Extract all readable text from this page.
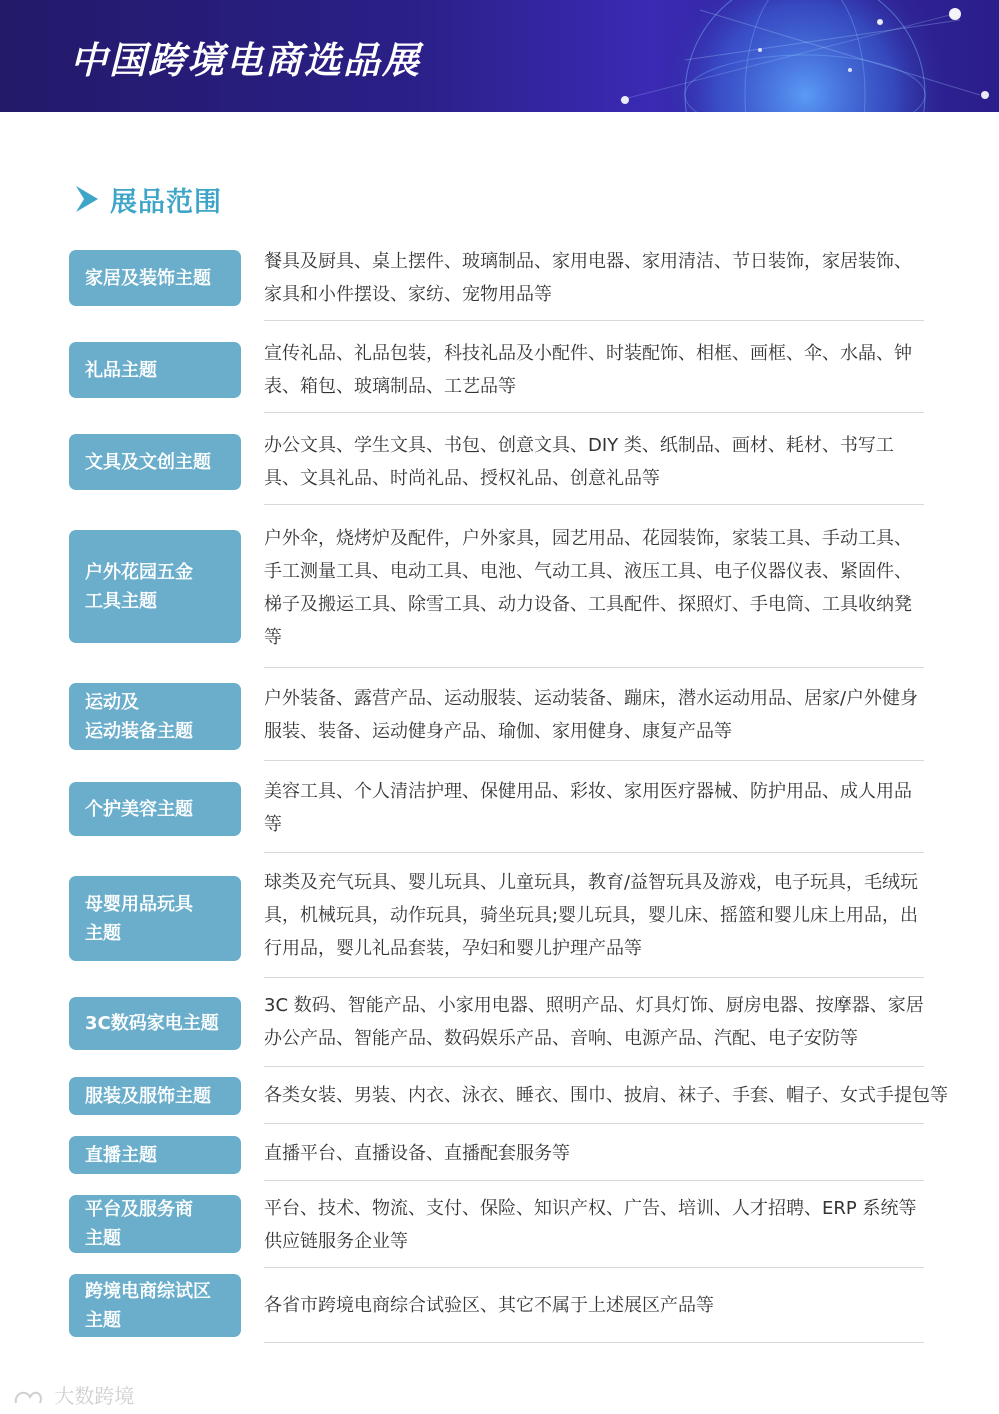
中国跨境电商选品展
展品范围
家居及装饰主题
餐具及厨具、桌上摆件、玻璃制品、家用电器、家用清洁、节日装饰，家居装饰、家具和小件摆设、家纺、宠物用品等
礼品主题
宣传礼品、礼品包装，科技礼品及小配件、时装配饰、相框、画框、伞、水晶、钟表、箱包、玻璃制品、工艺品等
文具及文创主题
办公文具、学生文具、书包、创意文具、DIY 类、纸制品、画材、耗材、书写工具、文具礼品、时尚礼品、授权礼品、创意礼品等
户外花园五金
工具主题
户外伞，烧烤炉及配件，户外家具，园艺用品、花园装饰，家装工具、手动工具、手工测量工具、电动工具、电池、气动工具、液压工具、电子仪器仪表、紧固件、梯子及搬运工具、除雪工具、动力设备、工具配件、探照灯、手电筒、工具收纳凳等
运动及
运动装备主题
户外装备、露营产品、运动服装、运动装备、蹦床，潜水运动用品、居家/户外健身服装、装备、运动健身产品、瑜伽、家用健身、康复产品等
个护美容主题
美容工具、个人清洁护理、保健用品、彩妆、家用医疗器械、防护用品、成人用品等
母婴用品玩具
主题
球类及充气玩具、婴儿玩具、儿童玩具，教育/益智玩具及游戏，电子玩具，毛绒玩具，机械玩具，动作玩具，骑坐玩具;婴儿玩具，婴儿床、摇篮和婴儿床上用品，出行用品，婴儿礼品套装，孕妇和婴儿护理产品等
3C数码家电主题
3C 数码、智能产品、小家用电器、照明产品、灯具灯饰、厨房电器、按摩器、家居办公产品、智能产品、数码娱乐产品、音响、电源产品、汽配、电子安防等
服装及服饰主题	各类女装、男装、内衣、泳衣、睡衣、围巾、披肩、袜子、手套、帽子、女式手提包等
直播主题	直播平台、直播设备、直播配套服务等
平台及服务商
主题
平台、技术、物流、支付、保险、知识产权、广告、培训、人才招聘、ERP 系统等供应链服务企业等
跨境电商综试区
主题
各省市跨境电商综合试验区、其它不属于上述展区产品等
大数跨境
